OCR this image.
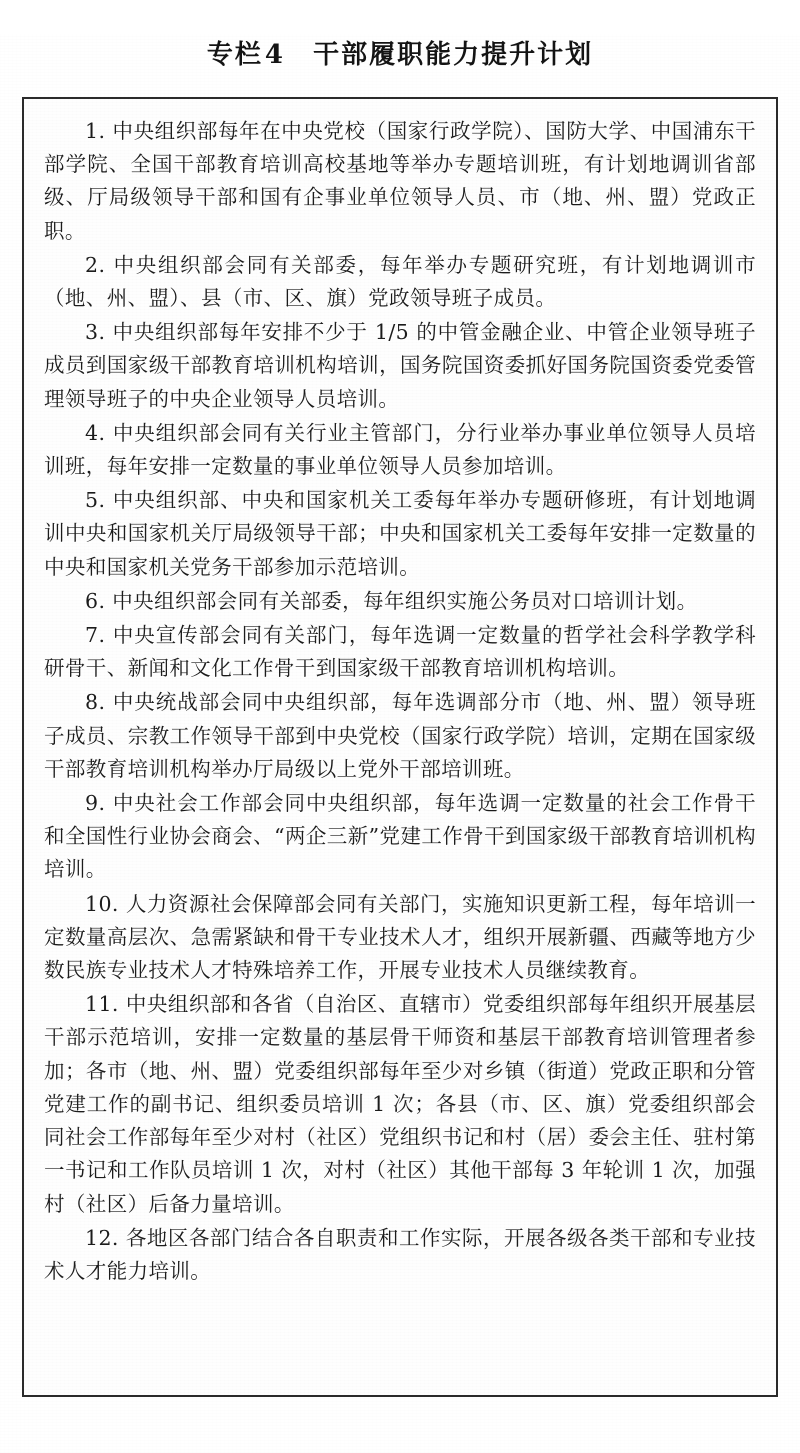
专栏4 干部履职能力提升计划

1. 中央组织部每年在中央党校（国家行政学院）、国防大学、中国浦东干部学院、全国干部教育培训高校基地等举办专题培训班，有计划地调训省部级、厅局级领导干部和国有企事业单位领导人员、市（地、州、盟）党政正职。

2. 中央组织部会同有关部委，每年举办专题研究班，有计划地调训市（地、州、盟）、县（市、区、旗）党政领导班子成员。

3. 中央组织部每年安排不少于 1/5 的中管金融企业、中管企业领导班子成员到国家级干部教育培训机构培训，国务院国资委抓好国务院国资委党委管理领导班子的中央企业领导人员培训。

4. 中央组织部会同有关行业主管部门，分行业举办事业单位领导人员培训班，每年安排一定数量的事业单位领导人员参加培训。

5. 中央组织部、中央和国家机关工委每年举办专题研修班，有计划地调训中央和国家机关厅局级领导干部；中央和国家机关工委每年安排一定数量的中央和国家机关党务干部参加示范培训。

6. 中央组织部会同有关部委，每年组织实施公务员对口培训计划。

7. 中央宣传部会同有关部门，每年选调一定数量的哲学社会科学教学科研骨干、新闻和文化工作骨干到国家级干部教育培训机构培训。

8. 中央统战部会同中央组织部，每年选调部分市（地、州、盟）领导班子成员、宗教工作领导干部到中央党校（国家行政学院）培训，定期在国家级干部教育培训机构举办厅局级以上党外干部培训班。

9. 中央社会工作部会同中央组织部，每年选调一定数量的社会工作骨干和全国性行业协会商会、“两企三新”党建工作骨干到国家级干部教育培训机构培训。

10. 人力资源社会保障部会同有关部门，实施知识更新工程，每年培训一定数量高层次、急需紧缺和骨干专业技术人才，组织开展新疆、西藏等地方少数民族专业技术人才特殊培养工作，开展专业技术人员继续教育。

11. 中央组织部和各省（自治区、直辖市）党委组织部每年组织开展基层干部示范培训，安排一定数量的基层骨干师资和基层干部教育培训管理者参加；各市（地、州、盟）党委组织部每年至少对乡镇（街道）党政正职和分管党建工作的副书记、组织委员培训 1 次；各县（市、区、旗）党委组织部会同社会工作部每年至少对村（社区）党组织书记和村（居）委会主任、驻村第一书记和工作队员培训 1 次，对村（社区）其他干部每 3 年轮训 1 次，加强村（社区）后备力量培训。

12. 各地区各部门结合各自职责和工作实际，开展各级各类干部和专业技术人才能力培训。
